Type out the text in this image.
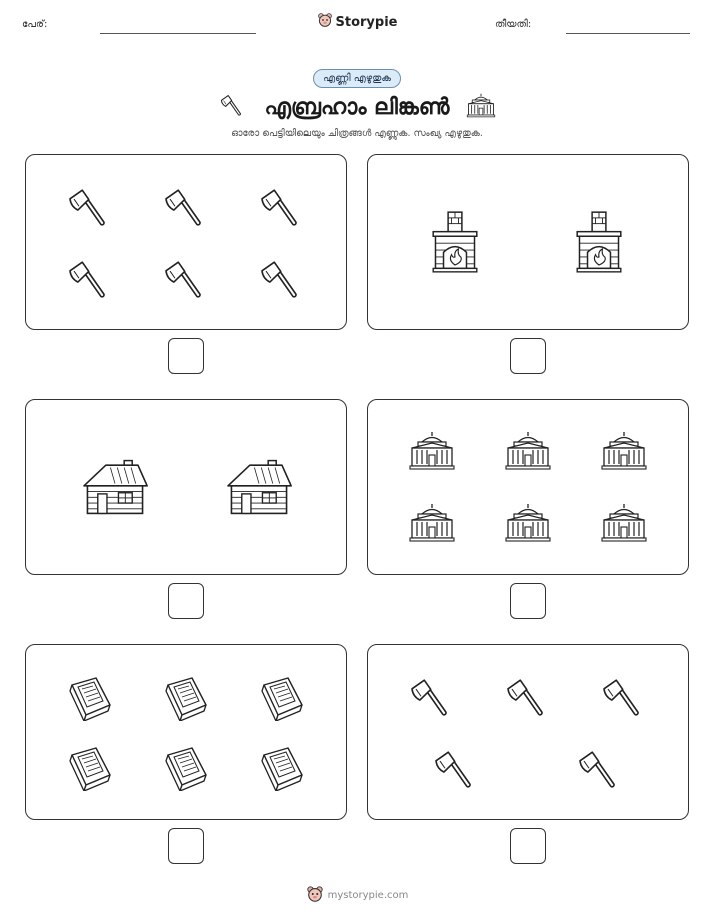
പേര്:	Storypie	തീയതി:
എണ്ണി എഴുതുക
എബ്രഹാം ലിങ്കൺ
ഓരോ പെട്ടിയിലെയും ചിത്രങ്ങൾ എണ്ണുക. സംഖ്യ എഴുതുക.
mystorypie.com
